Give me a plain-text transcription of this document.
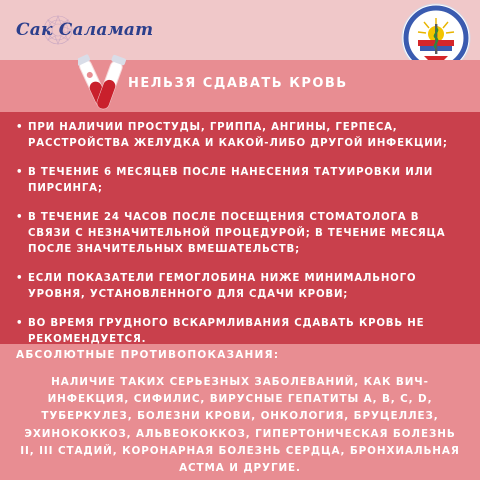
Сак Саламат
НЕЛЬЗЯ СДАВАТЬ КРОВЬ
• ПРИ НАЛИЧИИ ПРОСТУДЫ, ГРИППА, АНГИНЫ, ГЕРПЕСА, РАССТРОЙСТВА ЖЕЛУДКА И КАКОЙ-ЛИБО ДРУГОЙ ИНФЕКЦИИ;
• В ТЕЧЕНИЕ 6 МЕСЯЦЕВ ПОСЛЕ НАНЕСЕНИЯ ТАТУИРОВКИ ИЛИ ПИРСИНГА;
• В ТЕЧЕНИЕ 24 ЧАСОВ ПОСЛЕ ПОСЕЩЕНИЯ СТОМАТОЛОГА В СВЯЗИ С НЕЗНАЧИТЕЛЬНОЙ ПРОЦЕДУРОЙ; В ТЕЧЕНИЕ МЕСЯЦА ПОСЛЕ ЗНАЧИТЕЛЬНЫХ ВМЕШАТЕЛЬСТВ;
• ЕСЛИ ПОКАЗАТЕЛИ ГЕМОГЛОБИНА НИЖЕ МИНИМАЛЬНОГО УРОВНЯ, УСТАНОВЛЕННОГО ДЛЯ СДАЧИ КРОВИ;
• ВО ВРЕМЯ ГРУДНОГО ВСКАРМЛИВАНИЯ СДАВАТЬ КРОВЬ НЕ РЕКОМЕНДУЕТСЯ.
АБСОЛЮТНЫЕ ПРОТИВОПОКАЗАНИЯ:
НАЛИЧИЕ ТАКИХ СЕРЬЕЗНЫХ ЗАБОЛЕВАНИЙ, КАК ВИЧ-ИНФЕКЦИЯ, СИФИЛИС, ВИРУСНЫЕ ГЕПАТИТЫ А, В, С, D, ТУБЕРКУЛЕЗ, БОЛЕЗНИ КРОВИ, ОНКОЛОГИЯ, БРУЦЕЛЛЕЗ, ЭХИНОКОККОЗ, АЛЬВЕОКОККОЗ, ГИПЕРТОНИЧЕСКАЯ БОЛЕЗНЬ II, III СТАДИЙ, КОРОНАРНАЯ БОЛЕЗНЬ СЕРДЦА, БРОНХИАЛЬНАЯ АСТМА И ДРУГИЕ.
